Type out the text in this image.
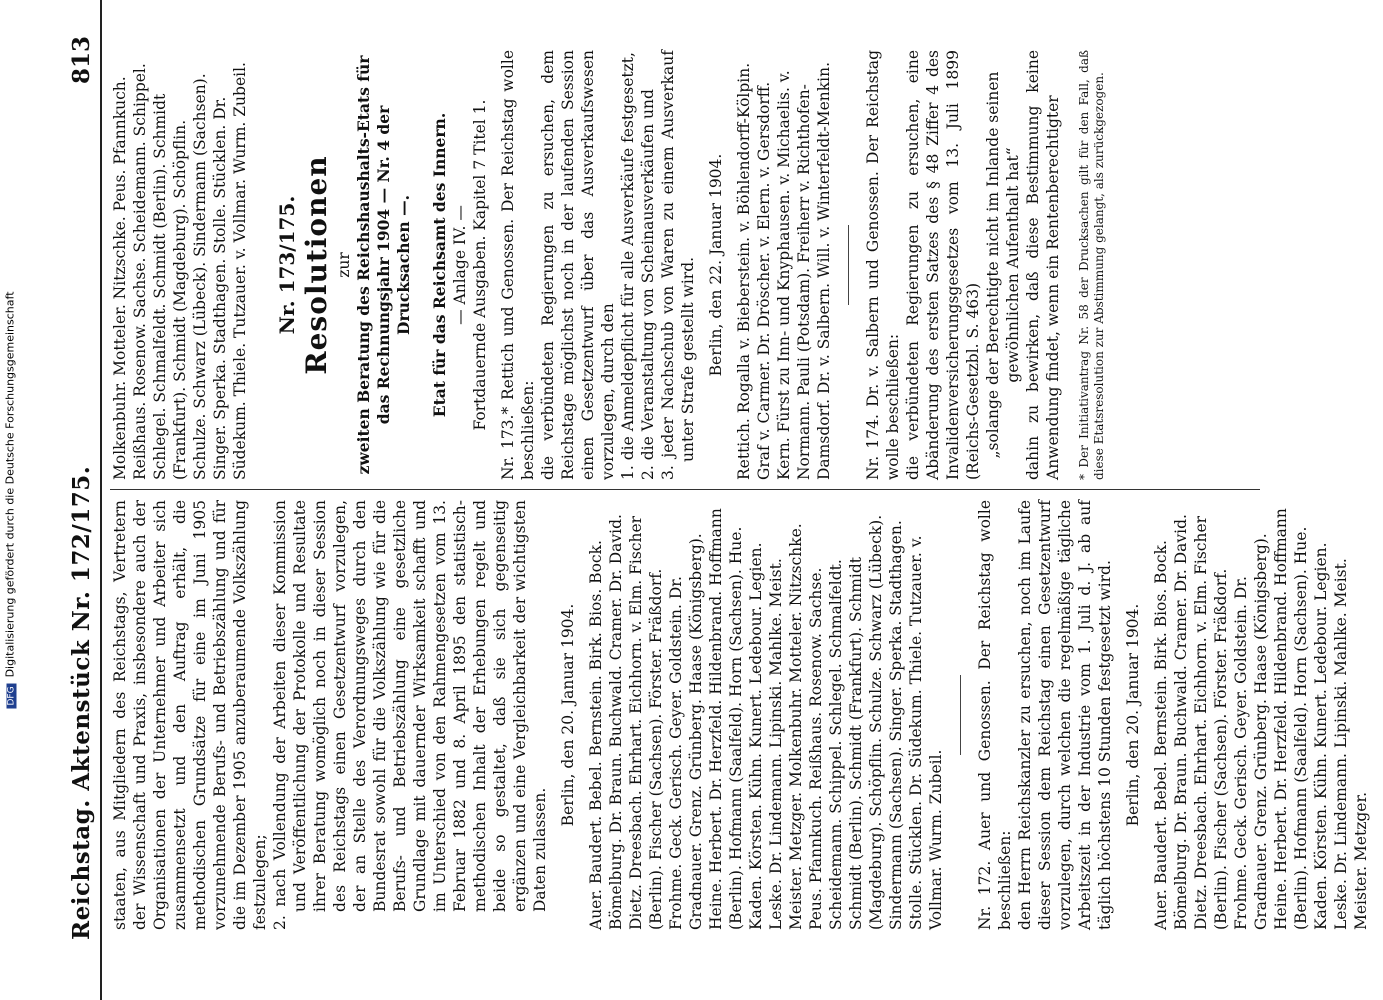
DFGDigitalisierung gefördert durch die Deutsche Forschungsgemeinschaft Reichstag. Aktenstück Nr. 172/175.
813

staaten, aus Mitgliedern des Reichstags, Vertretern der Wissenschaft und Praxis, insbesondere auch der Organisationen der Unternehmer und Arbeiter sich zusammensetzt und den Auftrag erhält, die methodischen Grundsätze für eine im Juni 1905 vorzunehmende Berufs- und Betriebszählung und für die im Dezember 1905 anzuberaumende Volkszählung festzulegen; 2. nach Vollendung der Arbeiten dieser Kommission und Veröffentlichung der Protokolle und Resultate ihrer Beratung womöglich noch in dieser Session des Reichstags einen Gesetzentwurf vorzulegen, der an Stelle des Verordnungsweges durch den Bundesrat sowohl für die Volkszählung wie für die Berufs- und Betriebszählung eine gesetzliche Grundlage mit dauernder Wirksamkeit schafft und im Unterschied von den Rahmengesetzen vom 13. Februar 1882 und 8. April 1895 den statistisch-methodischen Inhalt der Erhebungen regelt und beide so gestaltet, daß sie sich gegenseitig ergänzen und eine Vergleichbarkeit der wichtigsten Daten zulassen.

Berlin, den 20. Januar 1904. Auer. Baudert. Bebel. Bernstein. Birk. Bios. Bock. Bömelburg. Dr. Braun. Buchwald. Cramer. Dr. David. Dietz. Dreesbach. Ehrhart. Eichhorn. v. Elm. Fischer (Berlin). Fischer (Sachsen). Förster. Fräßdorf. Frohme. Geck. Gerisch. Geyer. Goldstein. Dr. Gradnauer. Grenz. Grünberg. Haase (Königsberg). Heine. Herbert. Dr. Herzfeld. Hildenbrand. Hoffmann (Berlin). Hofmann (Saalfeld). Horn (Sachsen). Hue. Kaden. Körsten. Kühn. Kunert. Ledebour. Legien. Leske. Dr. Lindemann. Lipinski. Mahlke. Meist. Meister. Metzger. Molkenbuhr. Motteler. Nitzschke. Peus. Pfannkuch. Reißhaus. Rosenow. Sachse. Scheidemann. Schippel. Schlegel. Schmalfeldt. Schmidt (Berlin). Schmidt (Frankfurt). Schmidt (Magdeburg). Schöpflin. Schulze. Schwarz (Lübeck). Sindermann (Sachsen). Singer. Sperka. Stadthagen. Stolle. Stücklen. Dr. Südekum. Thiele. Tutzauer. v. Vollmar. Wurm. Zubeil. Nr. 172. Auer und Genossen. Der Reichstag wolle beschließen: den Herrn Reichskanzler zu ersuchen, noch im Laufe dieser Session dem Reichstag einen Gesetzentwurf vorzulegen, durch welchen die regelmäßige tägliche Arbeitszeit in der Industrie vom 1. Juli d. J. ab auf täglich höchstens 10 Stunden festgesetzt wird. Berlin, den 20. Januar 1904. Auer. Baudert. Bebel. Bernstein. Birk. Bios. Bock. Bömelburg. Dr. Braun. Buchwald. Cramer. Dr. David. Dietz. Dreesbach. Ehrhart. Eichhorn. v. Elm. Fischer (Berlin). Fischer (Sachsen). Förster. Fräßdorf. Frohme. Geck. Gerisch. Geyer. Goldstein. Dr. Gradnauer. Grenz. Grünberg. Haase (Königsberg). Heine. Herbert. Dr. Herzfeld. Hildenbrand. Hoffmann (Berlin). Hofmann (Saalfeld). Horn (Sachsen). Hue. Kaden. Körsten. Kühn. Kunert. Ledebour. Legien. Leske. Dr. Lindemann. Lipinski. Mahlke. Meist. Meister. Metzger.

Molkenbuhr. Motteler. Nitzschke. Peus. Pfannkuch. Reißhaus. Rosenow. Sachse. Scheidemann. Schippel. Schlegel. Schmalfeldt. Schmidt (Berlin). Schmidt (Frankfurt). Schmidt (Magdeburg). Schöpflin. Schulze. Schwarz (Lübeck). Sindermann (Sachsen). Singer. Sperka. Stadthagen. Stolle. Stücklen. Dr. Südekum. Thiele. Tutzauer. v. Vollmar. Wurm. Zubeil. Nr. 173/175. Resolutionen zur zweiten Beratung des Reichshaushalts-Etats für das Rechnungsjahr 1904 — Nr. 4 der Drucksachen —. Etat für das Reichsamt des Innern. — Anlage IV. — Fortdauernde Ausgaben. Kapitel 7 Titel 1. Nr. 173.* Rettich und Genossen. Der Reichstag wolle beschließen: die verbündeten Regierungen zu ersuchen, dem Reichstage möglichst noch in der laufenden Session einen Gesetzentwurf über das Ausverkaufswesen vorzulegen, durch den 1. die Anmeldepflicht für alle Ausverkäufe festgesetzt, 2. die Veranstaltung von Scheinausverkäufen und 3. jeder Nachschub von Waren zu einem Ausverkauf unter Strafe gestellt wird. Berlin, den 22. Januar 1904. Rettich. Rogalla v. Bieberstein. v. Böhlendorff-Kölpin. Graf v. Carmer. Dr. Dröscher. v. Elern. v. Gersdorff. Kern. Fürst zu Inn- und Knyphausen. v. Michaelis. v. Normann. Pauli (Potsdam). Freiherr v. Richthofen-Damsdorf. Dr. v. Salbern. Will. v. Winterfeldt-Menkin. Nr. 174. Dr. v. Salbern und Genossen. Der Reichstag wolle beschließen: die verbündeten Regierungen zu ersuchen, eine Abänderung des ersten Satzes des § 48 Ziffer 4 des Invalidenversicherungsgesetzes vom 13. Juli 1899 (Reichs-Gesetzbl. S. 463) „solange der Berechtigte nicht im Inlande seinen gewöhnlichen Aufenthalt hat“ dahin zu bewirken, daß diese Bestimmung keine Anwendung findet, wenn ein Rentenberechtigter * Der Initiativantrag Nr. 58 der Drucksachen gilt für den Fall, daß diese Etatsresolution zur Abstimmung gelangt, als zurückgezogen.
